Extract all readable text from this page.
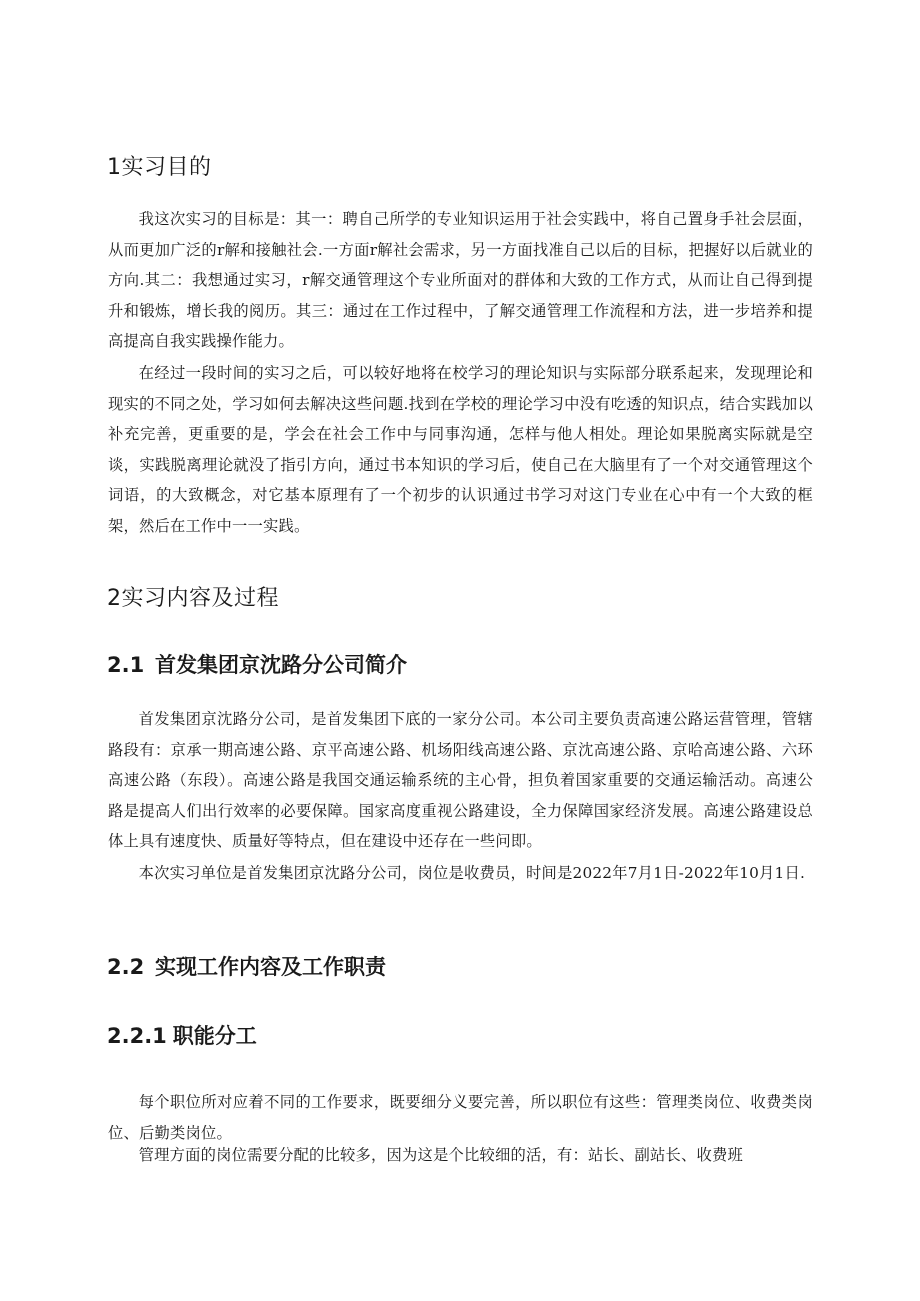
1实习目的

我这次实习的目标是：其一：聘自己所学的专业知识运用于社会实践中，将自己置身手社会层面，从而更加广泛的r解和接触社会.一方面r解社会需求，另一方面找准自己以后的目标，把握好以后就业的方向.其二：我想通过实习，r解交通管理这个专业所面对的群体和大致的工作方式，从而让自己得到提升和锻炼，增长我的阅历。其三：通过在工作过程中，了解交通管理工作流程和方法，进一步培养和提高提高自我实践操作能力。

在经过一段时间的实习之后，可以较好地将在校学习的理论知识与实际部分联系起来，发现理论和现实的不同之处，学习如何去解决这些问题.找到在学校的理论学习中没有吃透的知识点，结合实践加以补充完善，更重要的是，学会在社会工作中与同事沟通，怎样与他人相处。理论如果脱离实际就是空谈，实践脱离理论就没了指引方向，通过书本知识的学习后，使自己在大脑里有了一个对交通管理这个词语，的大致概念，对它基本原理有了一个初步的认识通过书学习对这门专业在心中有一个大致的框架，然后在工作中一一实践。

2实习内容及过程
2.1 首发集团京沈路分公司简介

首发集团京沈路分公司，是首发集团下底的一家分公司。本公司主要负责高速公路运营管理，管辖路段有：京承一期高速公路、京平高速公路、机场阳线高速公路、京沈高速公路、京哈高速公路、六环高速公路（东段）。高速公路是我国交通运输系统的主心骨，担负着国家重要的交通运输活动。高速公路是提高人们出行效率的必要保障。国家高度重视公路建设，全力保障国家经济发展。高速公路建设总体上具有速度快、质量好等特点，但在建设中还存在一些问即。

本次实习单位是首发集团京沈路分公司，岗位是收费员，时间是2022年7月1日-2022年10月1日.

2.2 实现工作内容及工作职责
2.2.1 职能分工

每个职位所对应着不同的工作要求，既要细分义要完善，所以职位有这些：管理类岗位、收费类岗位、后勤类岗位。

管理方面的岗位需要分配的比较多，因为这是个比较细的活，有：站长、副站长、收费班
